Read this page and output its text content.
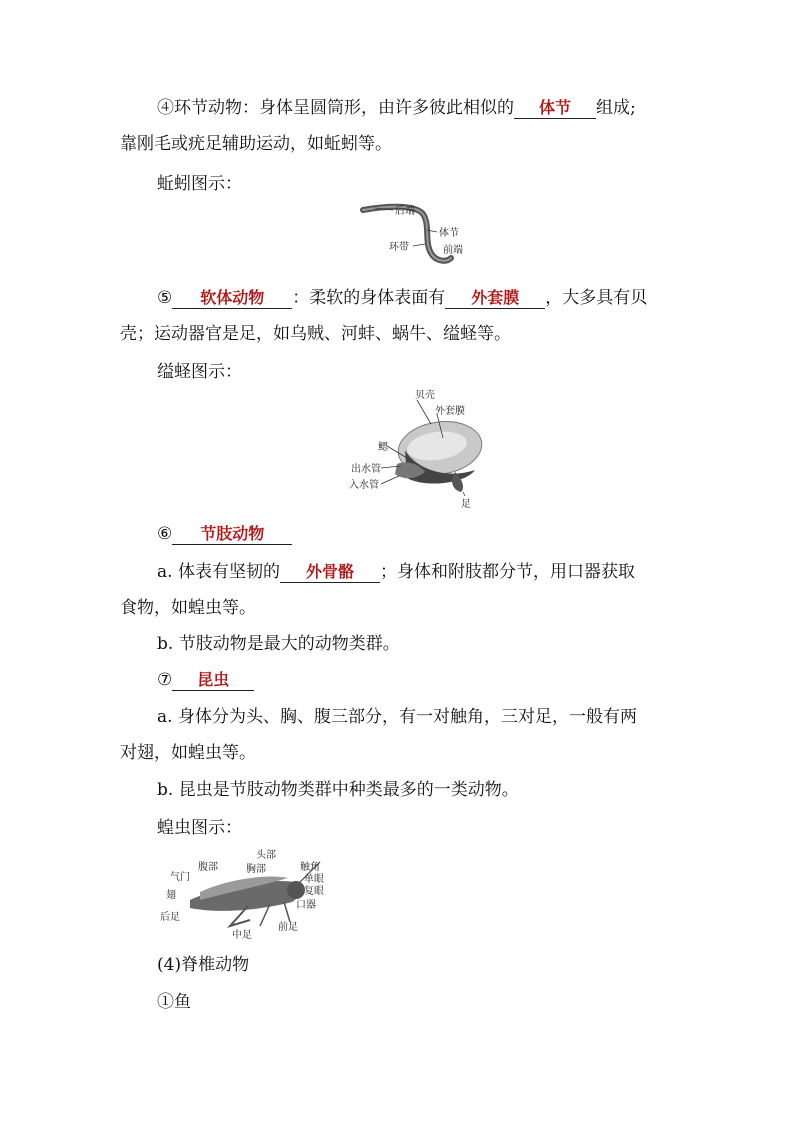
④环节动物：身体呈圆筒形，由许多彼此相似的 体节 组成;
靠刚毛或疣足辅助运动，如蚯蚓等。
蚯蚓图示：
后端
体节
环带	前端
⑤ 软体动物 ：柔软的身体表面有 外套膜 ，大多具有贝
壳；运动器官是足，如乌贼、河蚌、蜗牛、缢蛏等。
缢蛏图示：
贝壳
外套膜
鳃
出水管
入水管
足
⑥ 节肢动物
a. 体表有坚韧的 外骨骼 ；身体和附肢都分节，用口器获取
食物，如蝗虫等。
b. 节肢动物是最大的动物类群。
⑦ 昆虫
a. 身体分为头、胸、腹三部分，有一对触角，三对足，一般有两
对翅，如蝗虫等。
b. 昆虫是节肢动物类群中种类最多的一类动物。
蝗虫图示：
头部
腹部	胸部	触角
单眼
复眼
口器
气门
翅
后足
中足
前足
(4)脊椎动物
①鱼
